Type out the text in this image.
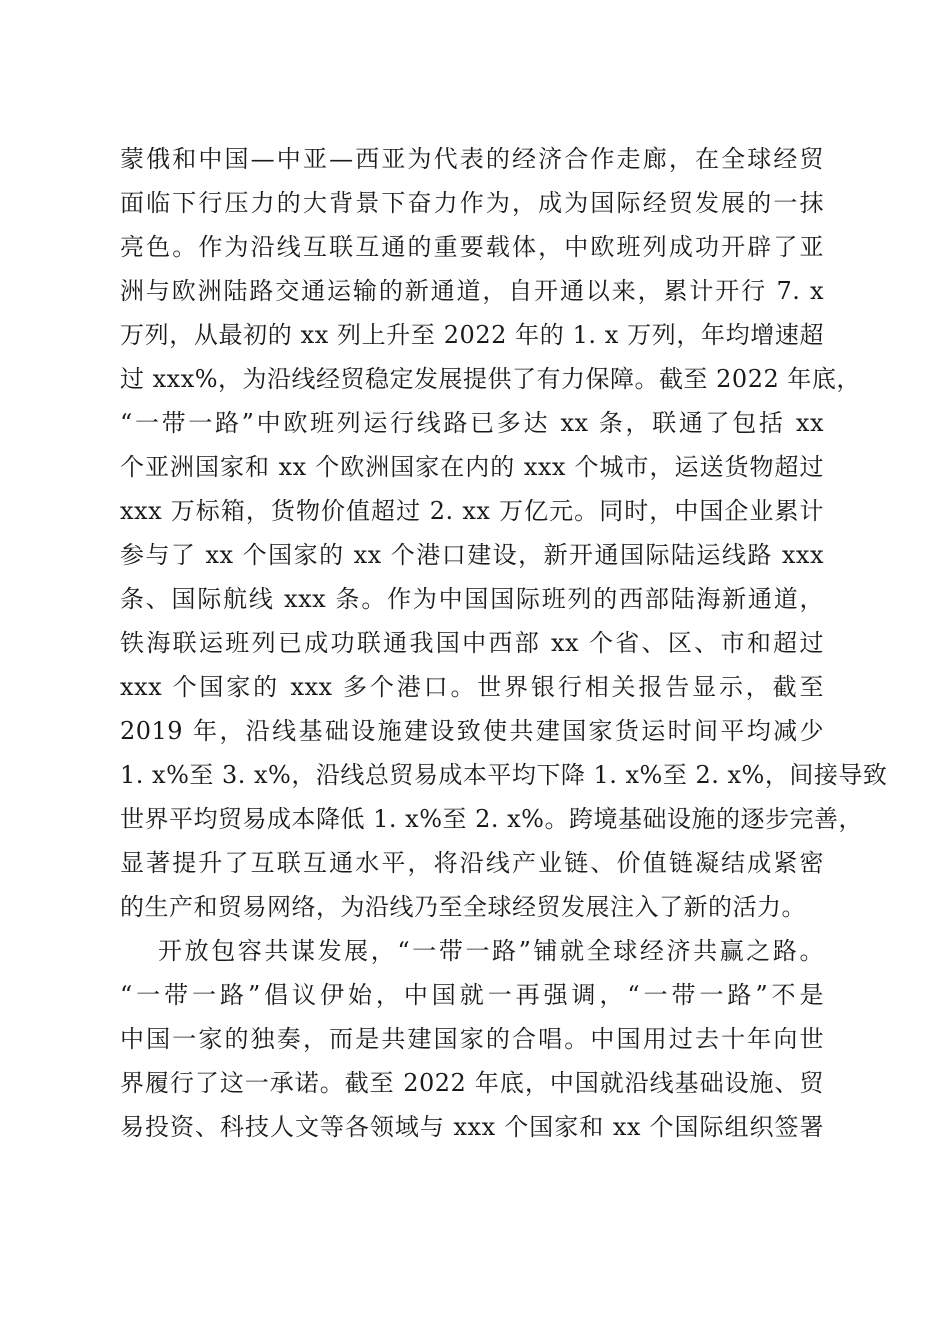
蒙俄和中国—中亚—西亚为代表的经济合作走廊，在全球经贸
面临下行压力的大背景下奋力作为，成为国际经贸发展的一抹
亮色。作为沿线互联互通的重要载体，中欧班列成功开辟了亚
洲与欧洲陆路交通运输的新通道，自开通以来，累计开行 7. x
万列，从最初的 xx 列上升至 2022 年的 1. x 万列，年均增速超
过 xxx%，为沿线经贸稳定发展提供了有力保障。截至 2022 年底，
“一带一路”中欧班列运行线路已多达 xx 条，联通了包括 xx
个亚洲国家和 xx 个欧洲国家在内的 xxx 个城市，运送货物超过
xxx 万标箱，货物价值超过 2. xx 万亿元。同时，中国企业累计
参与了 xx 个国家的 xx 个港口建设，新开通国际陆运线路 xxx
条、国际航线 xxx 条。作为中国国际班列的西部陆海新通道，
铁海联运班列已成功联通我国中西部 xx 个省、区、市和超过
xxx 个国家的 xxx 多个港口。世界银行相关报告显示，截至
2019 年，沿线基础设施建设致使共建国家货运时间平均减少
1. x%至 3. x%，沿线总贸易成本平均下降 1. x%至 2. x%，间接导致
世界平均贸易成本降低 1. x%至 2. x%。跨境基础设施的逐步完善，
显著提升了互联互通水平，将沿线产业链、价值链凝结成紧密
的生产和贸易网络，为沿线乃至全球经贸发展注入了新的活力。
开放包容共谋发展，“一带一路”铺就全球经济共赢之路。
“一带一路”倡议伊始，中国就一再强调，“一带一路”不是
中国一家的独奏，而是共建国家的合唱。中国用过去十年向世
界履行了这一承诺。截至 2022 年底，中国就沿线基础设施、贸
易投资、科技人文等各领域与 xxx 个国家和 xx 个国际组织签署
